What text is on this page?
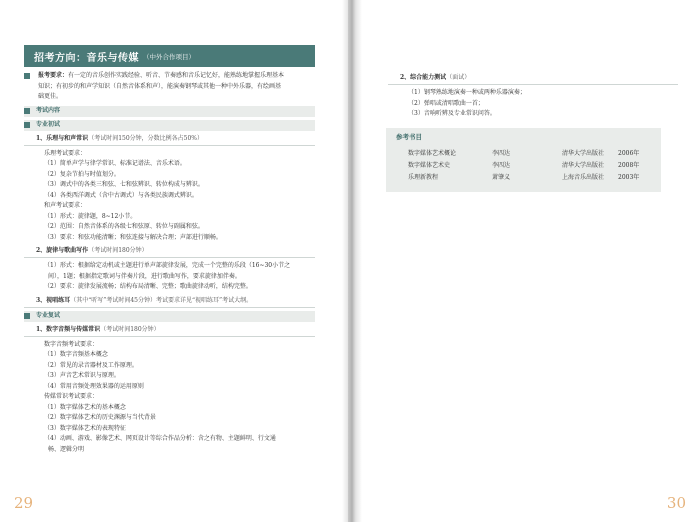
招考方向：音乐与传媒 （中外合作项目）
报考要求：有一定的音乐创作实践经验、听音、节奏感和音乐记忆好，能熟练地掌握乐理基本
知识；有初步的和声学知识（自然音体系和声），能演奏钢琴或其他一种中外乐器，有绘画基
础更佳。
考试内容
专业初试
1、乐理与和声常识（考试时间150分钟，分数比例各占50%）
乐理考试要求：
（1）简单声学与律学常识、标准记谱法、音乐术语。
（2）复杂节拍与时值划分。
（3）调式中的各类三和弦、七和弦辨识、转位构成与辨识。
（4）各类西洋调式（含中古调式）与各类民族调式辨识。
和声考试要求：
（1）形式：旋律题，8~12小节。
（2）范围：自然音体系的各级七和弦原、转位与副属和弦。
（3）要求：和弦功能清晰；和弦连接与解决合理；声部进行顺畅。
2、旋律与歌曲写作（考试时间180分钟）
（1）形式：根据给定动机或主题进行单声部旋律发展，完成一个完整的乐段（16~30小节之
间），1题；根据指定歌词与伴奏片段，进行歌曲写作，要求旋律加伴奏。
（2）要求：旋律发展流畅；结构布局清晰、完整；歌曲旋律动听，结构完整。
3、视唱练耳（其中“听写”考试时间45分钟）考试要求详见“视唱练耳”考试大纲。
专业复试
1、数字音频与传媒常识（考试时间180分钟）
数字音频考试要求：
（1）数字音频基本概念
（2）常见的录音器材及工作原理。
（3）声音艺术常识与原理。
（4）常用音频处理效果器的运用原则
传媒常识考试要求：
（1）数字媒体艺术的基本概念
（2）数字媒体艺术的历史渊源与当代背景
（3）数字媒体艺术的表现特征
（4）动画、游戏、影像艺术、网页设计等综合作品分析：含之有物、主题鲜明、行文通
畅、逻辑分明
29
2、综合能力测试（面试）
（1）钢琴熟练地演奏一种或两种乐器演奏；
（2）弹唱或清唱歌曲一首；
（3）音响听辨及专业常识问答。
参考书目
数字媒体艺术概论	李四达	清华大学出版社 2006年
数字媒体艺术史	李四达	清华大学出版社 2008年
乐理新教程	萧肇义	上海音乐出版社 2003年
30
